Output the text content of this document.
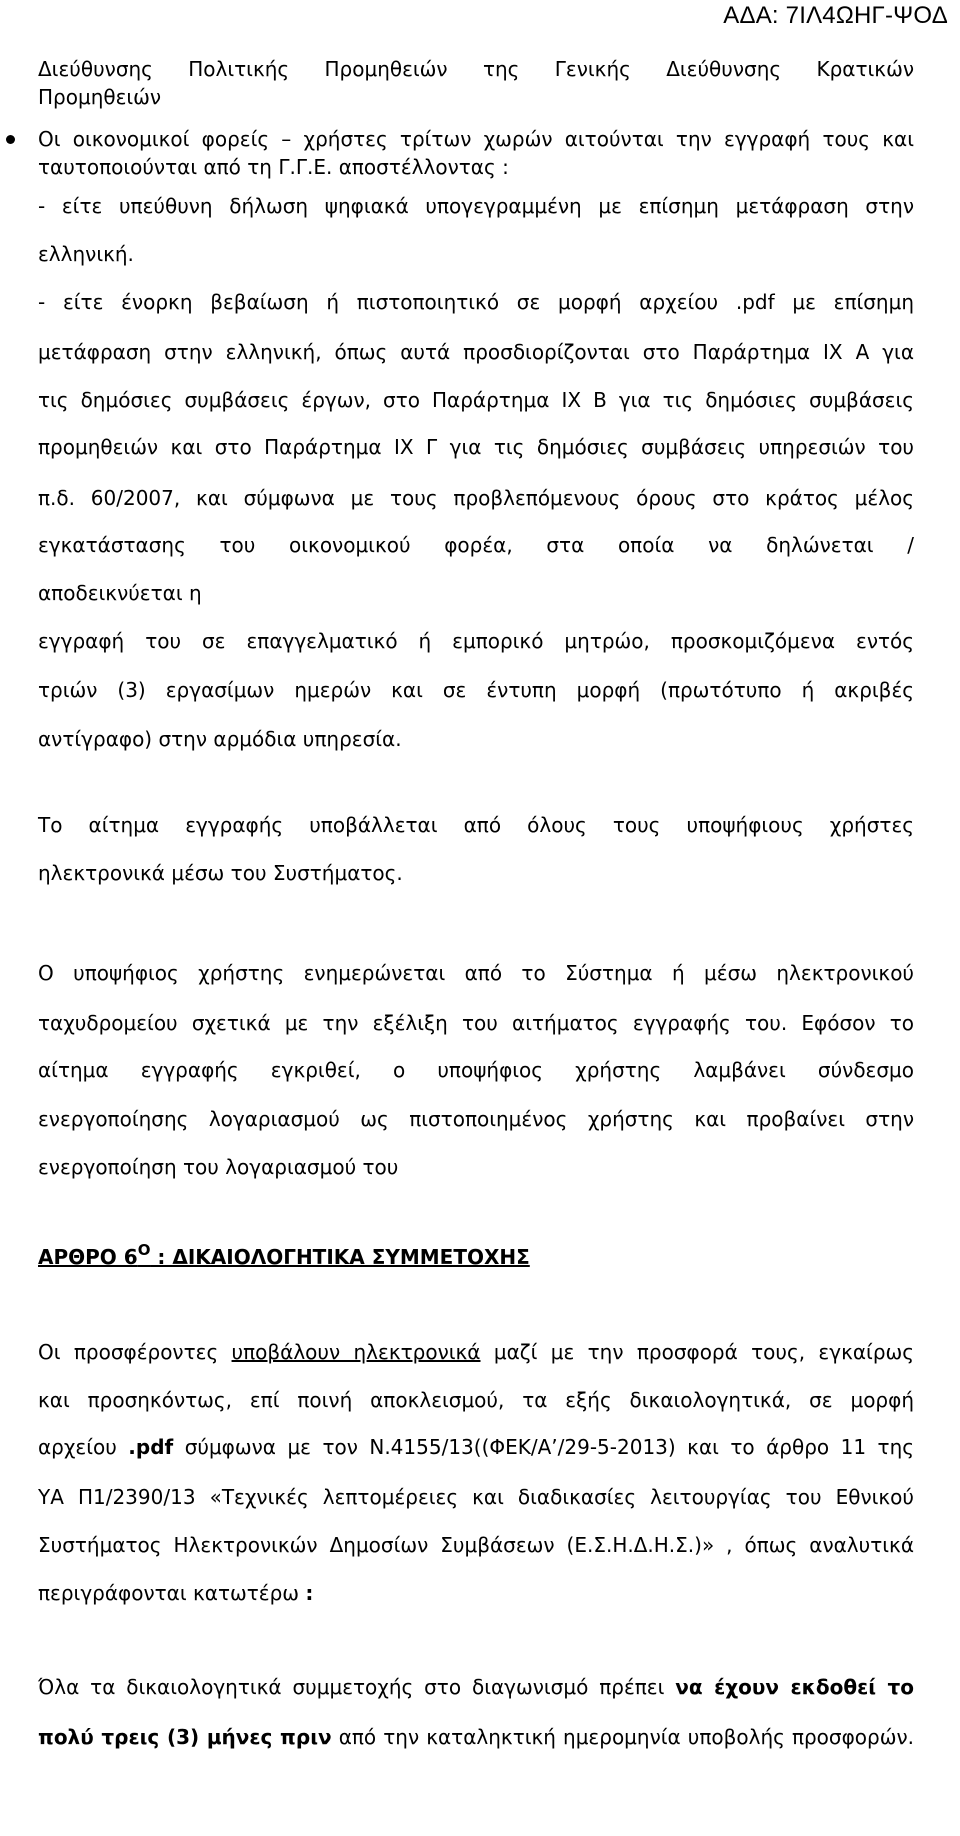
ΑΔΑ: 7ΙΛ4ΩΗΓ-ΨΟΔ
Διεύθυνσης Πολιτικής Προμηθειών της Γενικής Διεύθυνσης Κρατικών
Προμηθειών
Οι οικονομικοί φορείς – χρήστες τρίτων χωρών αιτούνται την εγγραφή τους και
ταυτοποιούνται από τη Γ.Γ.Ε. αποστέλλοντας :
- είτε υπεύθυνη δήλωση ψηφιακά υπογεγραμμένη με επίσημη μετάφραση στην
ελληνική.
- είτε ένορκη βεβαίωση ή πιστοποιητικό σε μορφή αρχείου .pdf με επίσημη
μετάφραση στην ελληνική, όπως αυτά προσδιορίζονται στο Παράρτημα ΙΧ Α για
τις δημόσιες συμβάσεις έργων, στο Παράρτημα ΙΧ Β για τις δημόσιες συμβάσεις
προμηθειών και στο Παράρτημα ΙΧ Γ για τις δημόσιες συμβάσεις υπηρεσιών του
π.δ. 60/2007, και σύμφωνα με τους προβλεπόμενους όρους στο κράτος μέλος
εγκατάστασης του οικονομικού φορέα, στα οποία να δηλώνεται /
αποδεικνύεται η
εγγραφή του σε επαγγελματικό ή εμπορικό μητρώο, προσκομιζόμενα εντός
τριών (3) εργασίμων ημερών και σε έντυπη μορφή (πρωτότυπο ή ακριβές
αντίγραφο) στην αρμόδια υπηρεσία.
Το αίτημα εγγραφής υποβάλλεται από όλους τους υποψήφιους χρήστες
ηλεκτρονικά μέσω του Συστήματος.
Ο υποψήφιος χρήστης ενημερώνεται από το Σύστημα ή μέσω ηλεκτρονικού
ταχυδρομείου σχετικά με την εξέλιξη του αιτήματος εγγραφής του. Εφόσον το
αίτημα εγγραφής εγκριθεί, ο υποψήφιος χρήστης λαμβάνει σύνδεσμο
ενεργοποίησης λογαριασμού ως πιστοποιημένος χρήστης και προβαίνει στην
ενεργοποίηση του λογαριασμού του
ΑΡΘΡΟ $6^O$ : ΔΙΚΑΙΟΛΟΓΗΤΙΚΑ ΣΥΜΜΕΤΟΧΗΣ
Οι προσφέροντες υποβάλουν ηλεκτρονικά μαζί με την προσφορά τους, εγκαίρως
και προσηκόντως, επί ποινή αποκλεισμού, τα εξής δικαιολογητικά, σε μορφή
αρχείου .pdf σύμφωνα με τον Ν.4155/13((ΦΕΚ/Α’/29-5-2013) και το άρθρο 11 της
ΥΑ Π1/2390/13 «Τεχνικές λεπτομέρειες και διαδικασίες λειτουργίας του Εθνικού
Συστήματος Ηλεκτρονικών Δημοσίων Συμβάσεων (Ε.Σ.Η.Δ.Η.Σ.)» , όπως αναλυτικά
περιγράφονται κατωτέρω :
Όλα τα δικαιολογητικά συμμετοχής στο διαγωνισμό πρέπει να έχουν εκδοθεί το
πολύ τρεις (3) μήνες πριν από την καταληκτική ημερομηνία υποβολής προσφορών.
